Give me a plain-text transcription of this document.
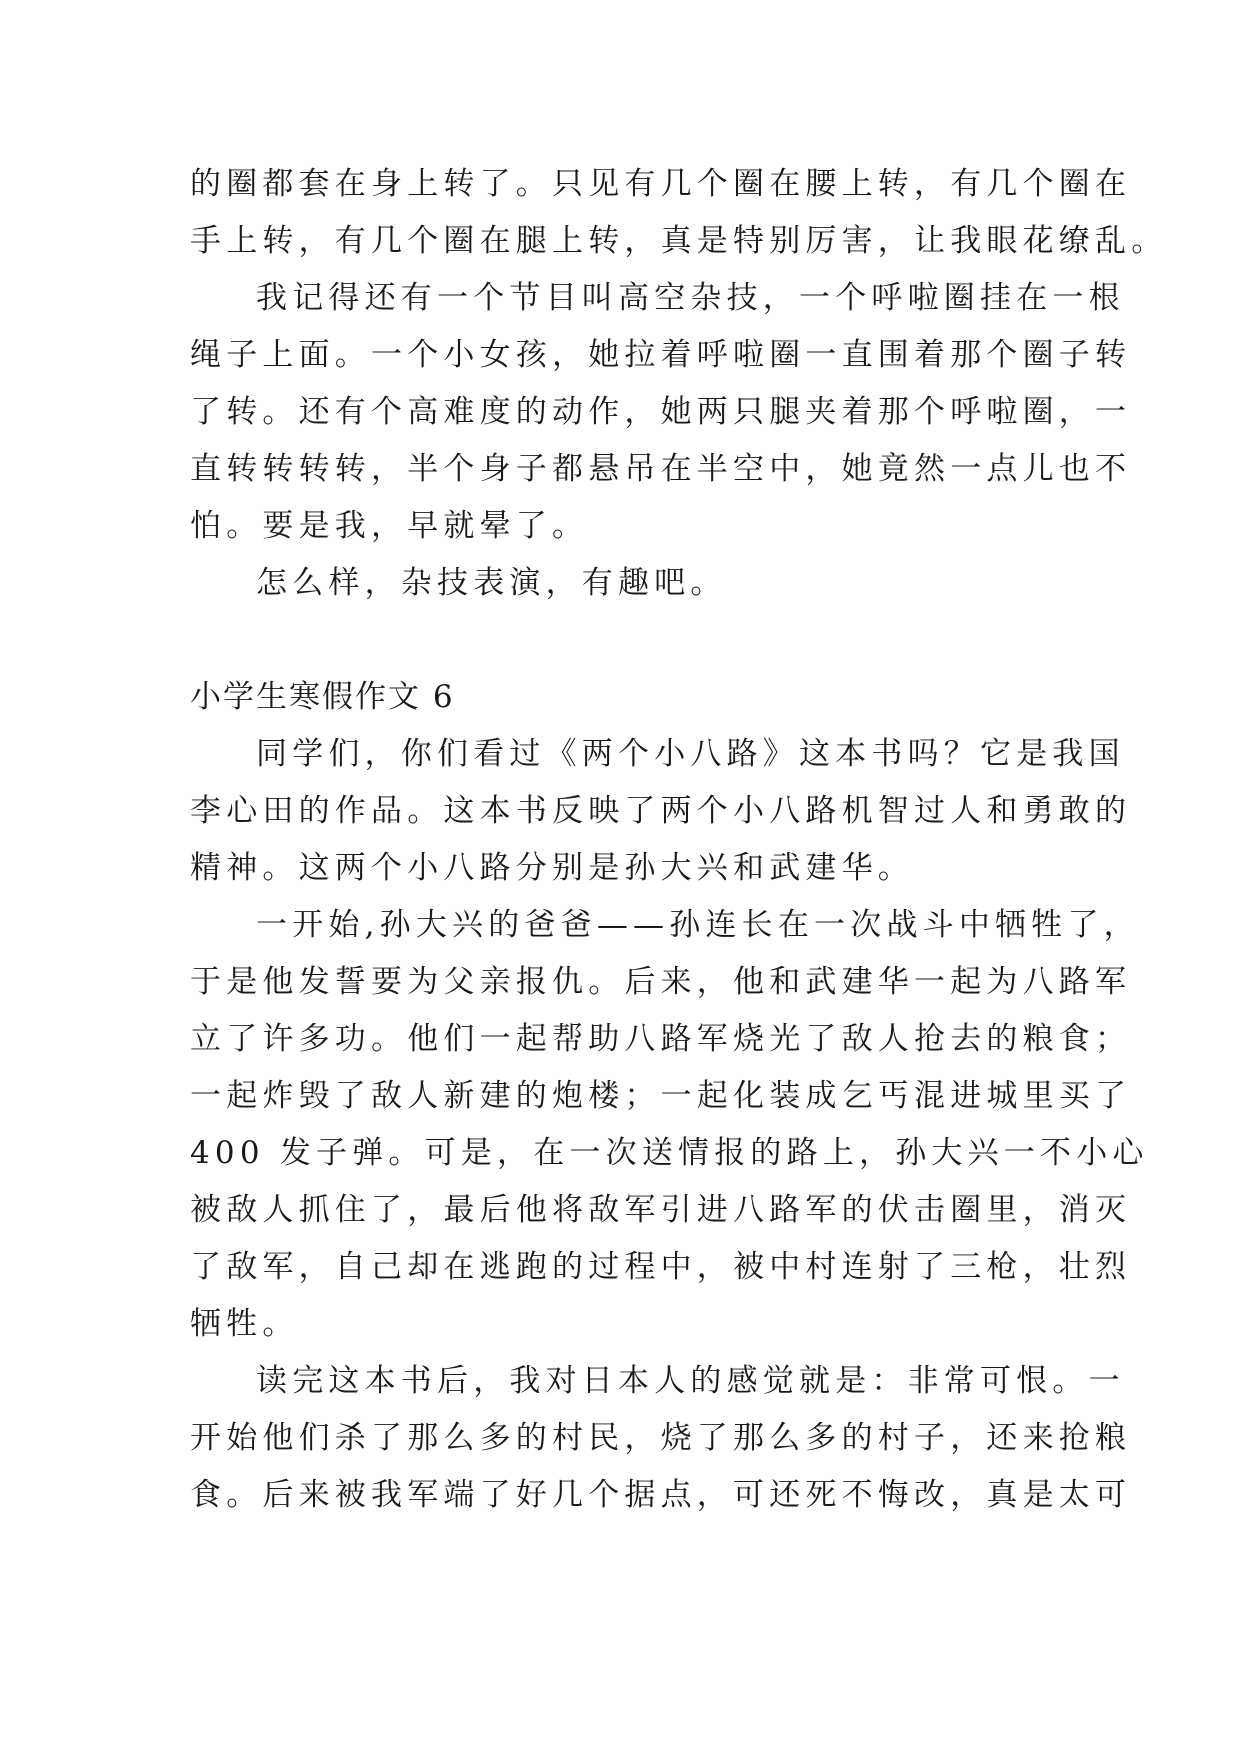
的圈都套在身上转了。只见有几个圈在腰上转，有几个圈在
手上转，有几个圈在腿上转，真是特别厉害，让我眼花缭乱。
我记得还有一个节目叫高空杂技，一个呼啦圈挂在一根
绳子上面。一个小女孩，她拉着呼啦圈一直围着那个圈子转
了转。还有个高难度的动作，她两只腿夹着那个呼啦圈，一
直转转转转，半个身子都悬吊在半空中，她竟然一点儿也不
怕。要是我，早就晕了。
怎么样，杂技表演，有趣吧。
小学生寒假作文 6
同学们，你们看过《两个小八路》这本书吗？它是我国
李心田的作品。这本书反映了两个小八路机智过人和勇敢的
精神。这两个小八路分别是孙大兴和武建华。
一开始,孙大兴的爸爸——孙连长在一次战斗中牺牲了，
于是他发誓要为父亲报仇。后来，他和武建华一起为八路军
立了许多功。他们一起帮助八路军烧光了敌人抢去的粮食；
一起炸毁了敌人新建的炮楼；一起化装成乞丐混进城里买了
400 发子弹。可是，在一次送情报的路上，孙大兴一不小心
被敌人抓住了，最后他将敌军引进八路军的伏击圈里，消灭
了敌军，自己却在逃跑的过程中，被中村连射了三枪，壮烈
牺牲。
读完这本书后，我对日本人的感觉就是：非常可恨。一
开始他们杀了那么多的村民，烧了那么多的村子，还来抢粮
食。后来被我军端了好几个据点，可还死不悔改，真是太可
